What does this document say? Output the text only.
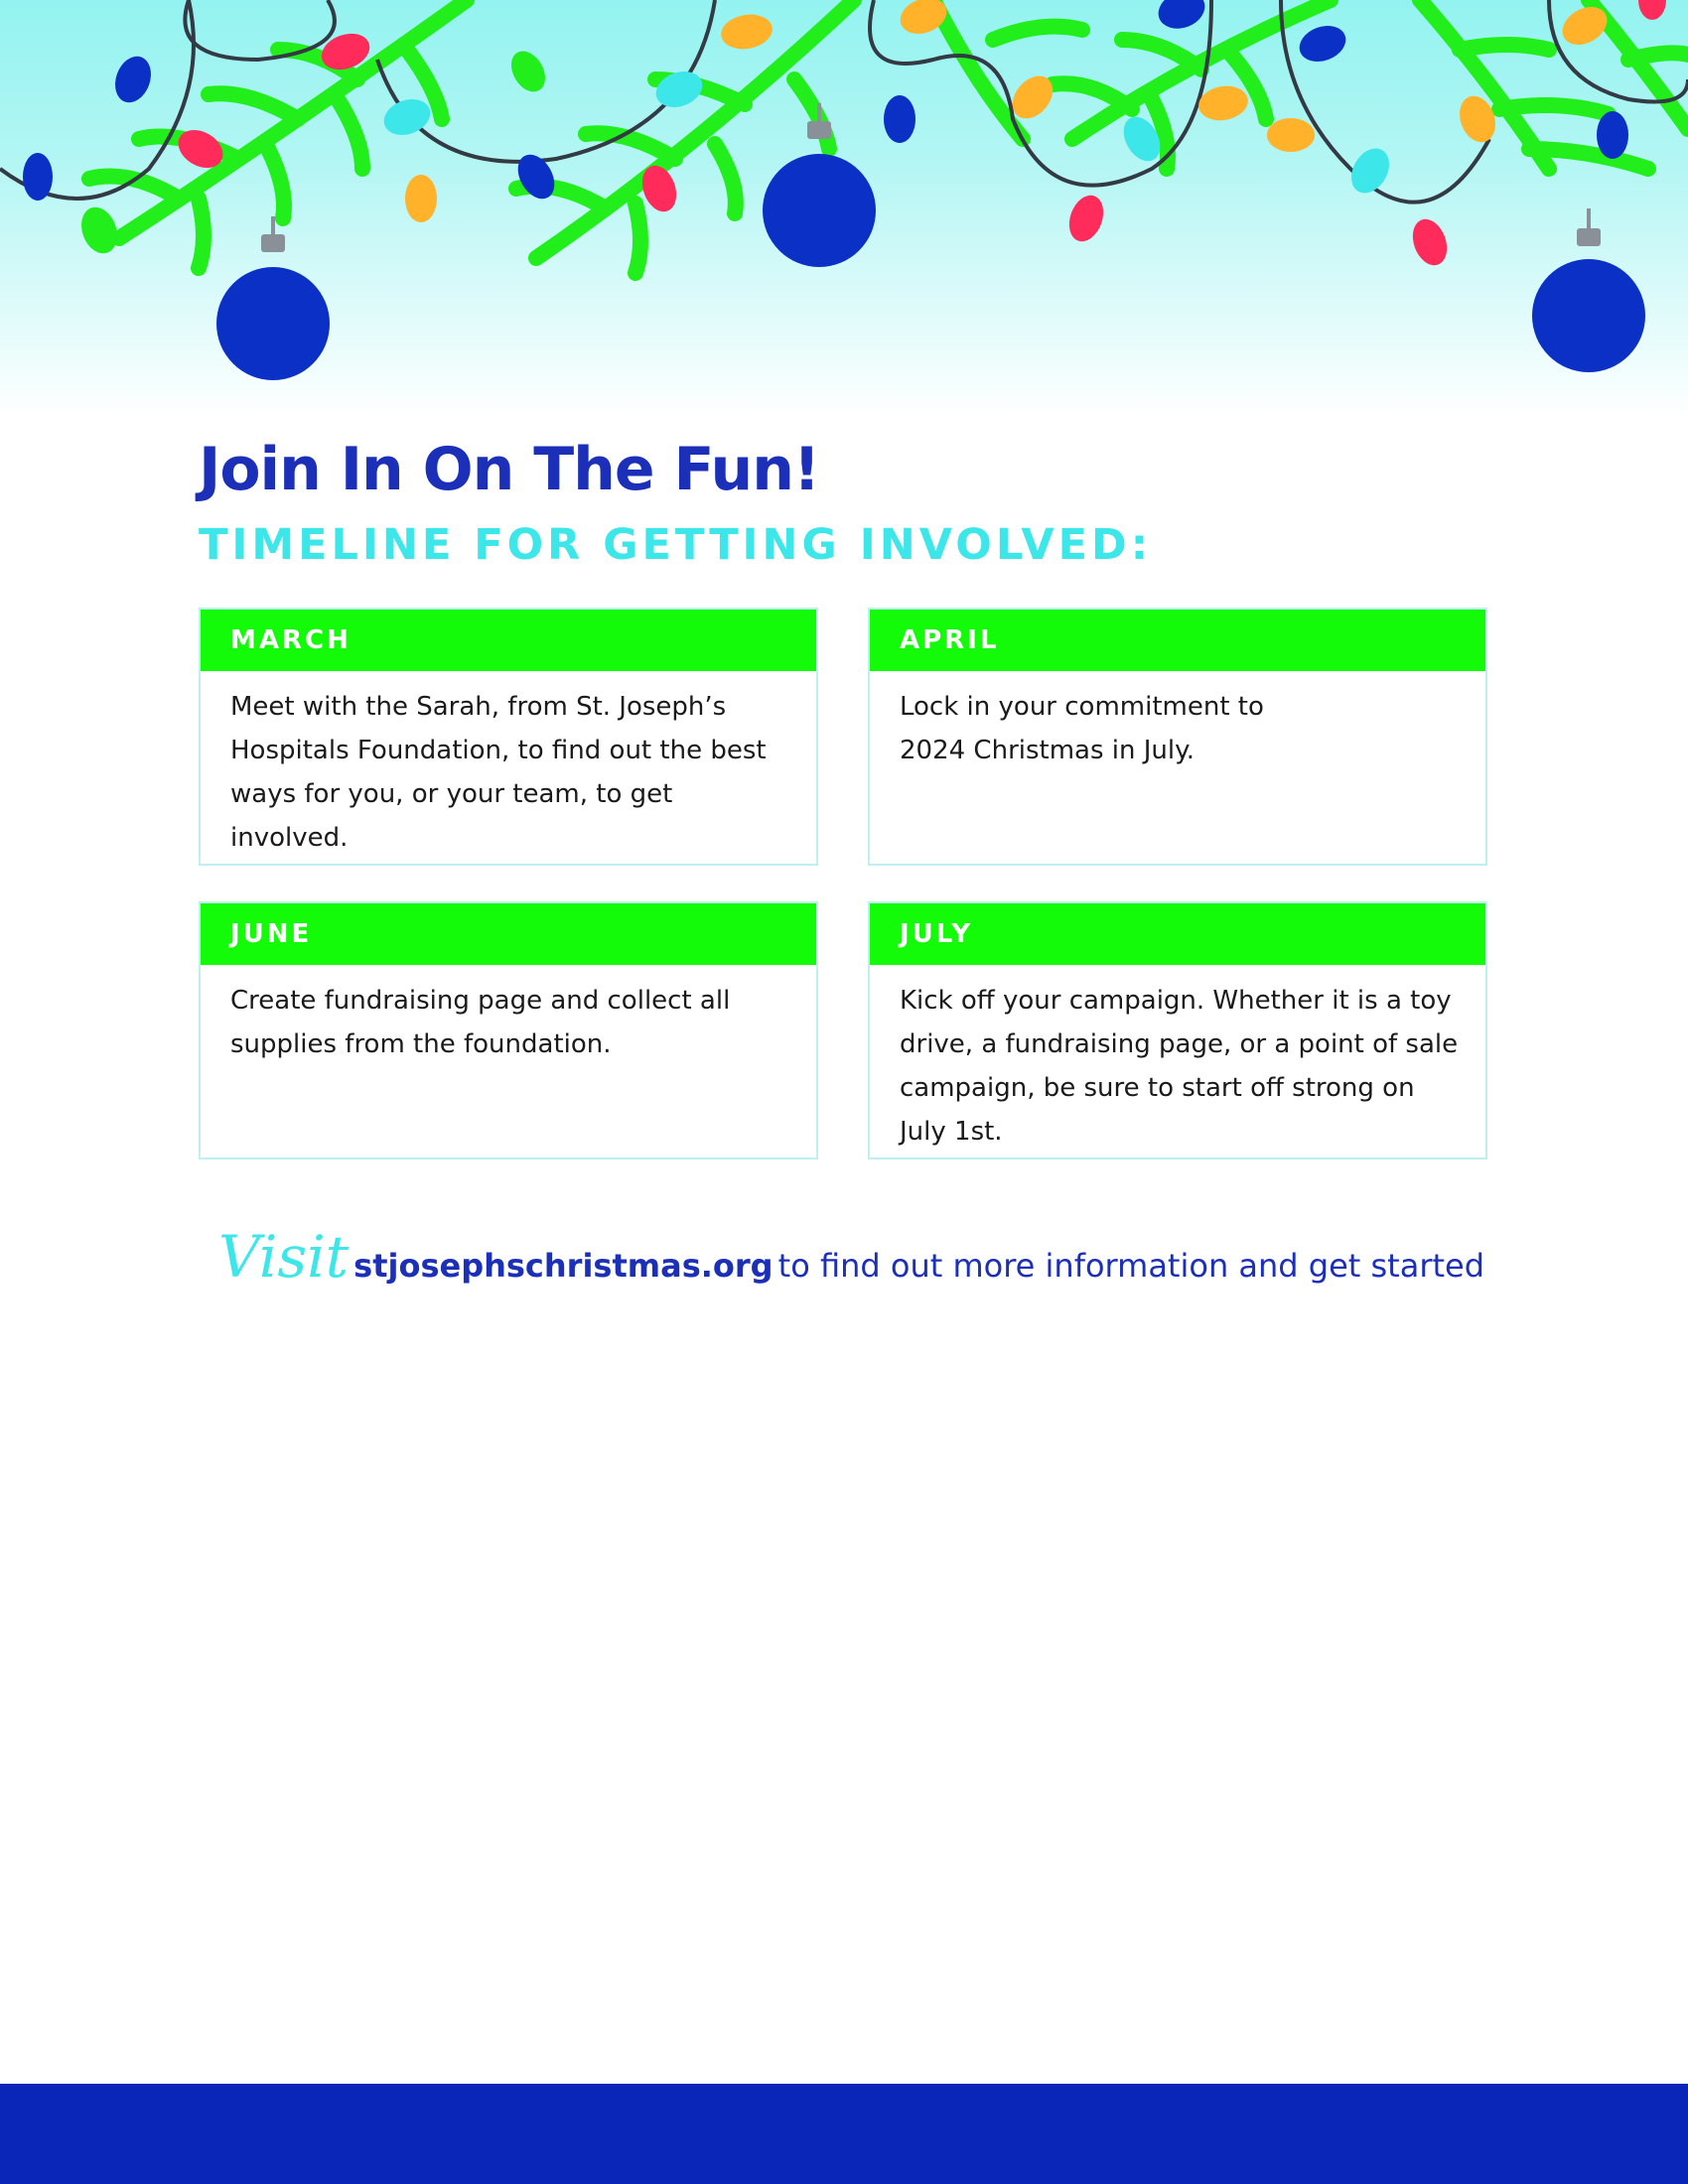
Join In On The Fun!
TIMELINE FOR GETTING INVOLVED:
MARCH
Meet with the Sarah, from St. Joseph’s Hospitals Foundation, to find out the best ways for you, or your team, to get involved.
APRIL
Lock in your commitment to 2024 Christmas in July.
JUNE
Create fundraising page and collect all supplies from the foundation.
JULY
Kick off your campaign. Whether it is a toy drive, a fundraising page, or a point of sale campaign, be sure to start off strong on July 1st.
Visit stjosephschristmas.org to find out more information and get started
